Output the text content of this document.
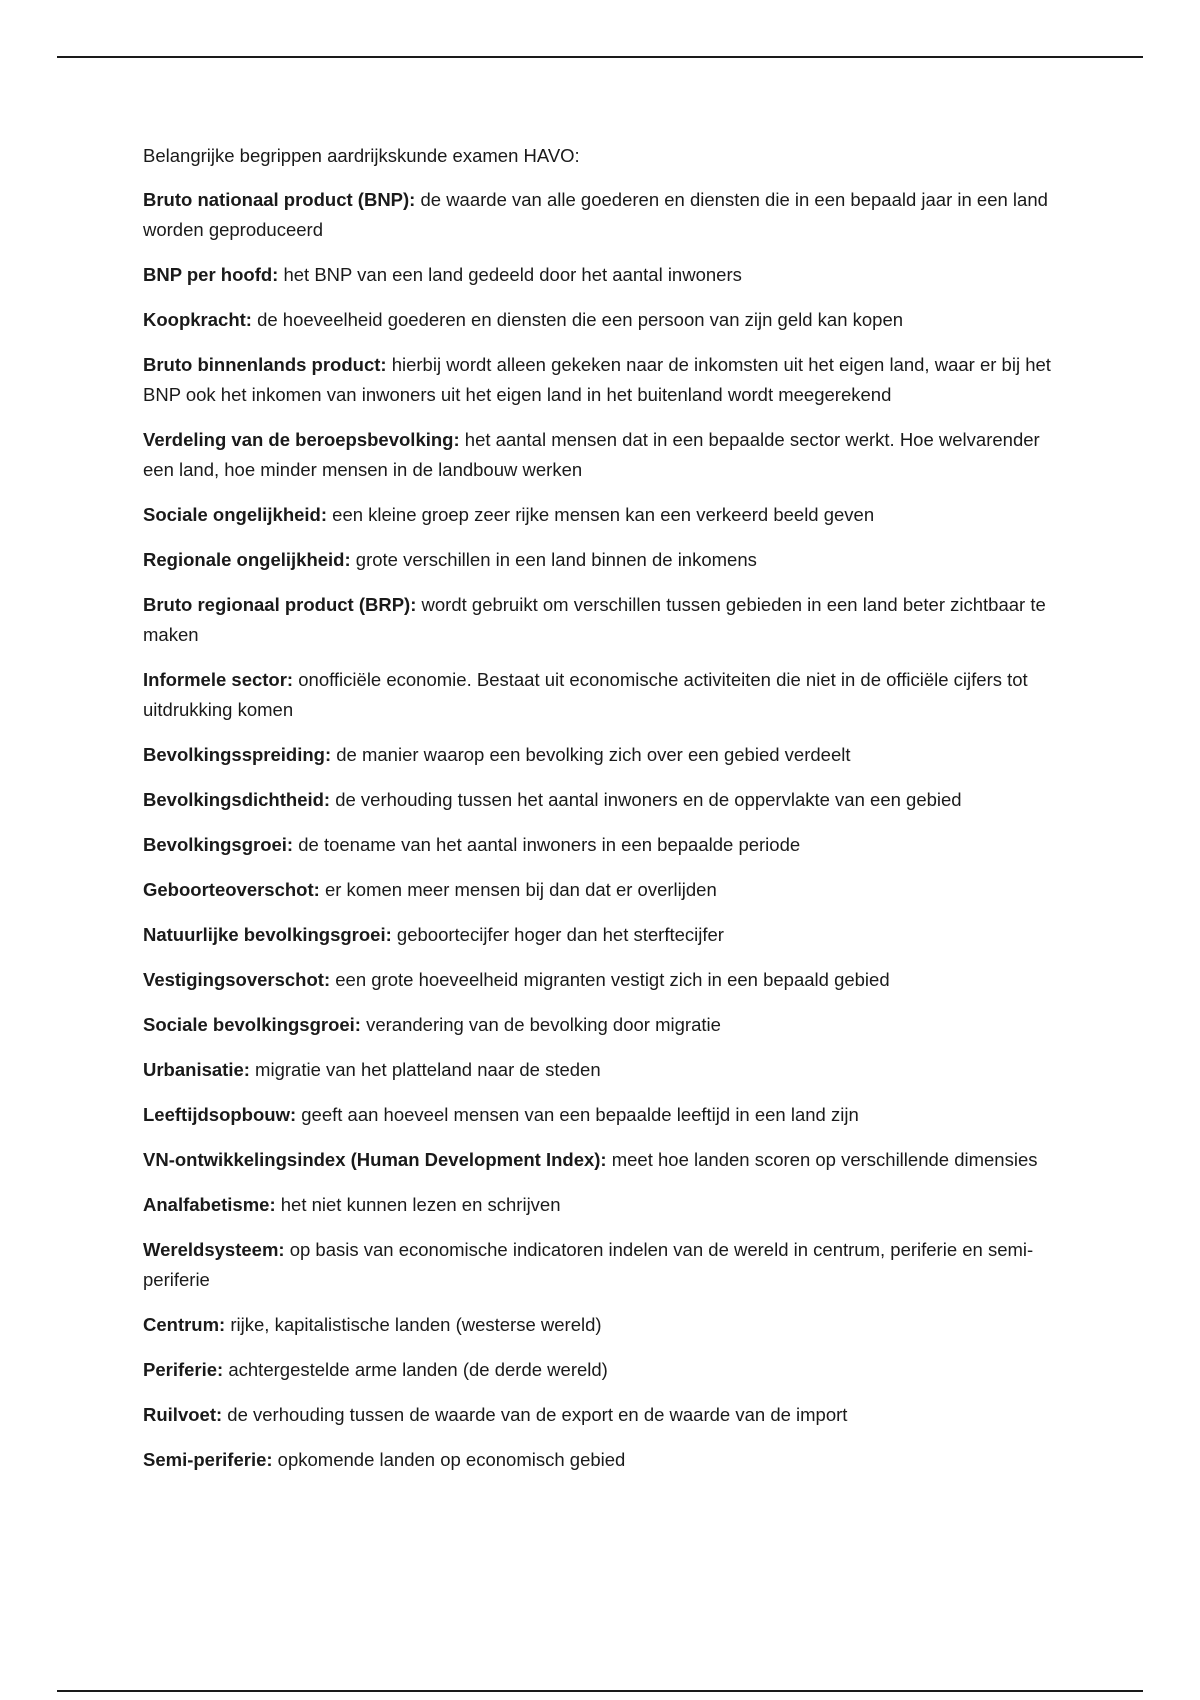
Belangrijke begrippen aardrijkskunde examen HAVO:

Bruto nationaal product (BNP): de waarde van alle goederen en diensten die in een bepaald jaar in een land worden geproduceerd

BNP per hoofd: het BNP van een land gedeeld door het aantal inwoners

Koopkracht: de hoeveelheid goederen en diensten die een persoon van zijn geld kan kopen

Bruto binnenlands product: hierbij wordt alleen gekeken naar de inkomsten uit het eigen land, waar er bij het BNP ook het inkomen van inwoners uit het eigen land in het buitenland wordt meegerekend

Verdeling van de beroepsbevolking: het aantal mensen dat in een bepaalde sector werkt. Hoe welvarender een land, hoe minder mensen in de landbouw werken

Sociale ongelijkheid: een kleine groep zeer rijke mensen kan een verkeerd beeld geven

Regionale ongelijkheid: grote verschillen in een land binnen de inkomens

Bruto regionaal product (BRP): wordt gebruikt om verschillen tussen gebieden in een land beter zichtbaar te maken

Informele sector: onofficiële economie. Bestaat uit economische activiteiten die niet in de officiële cijfers tot uitdrukking komen

Bevolkingsspreiding: de manier waarop een bevolking zich over een gebied verdeelt

Bevolkingsdichtheid: de verhouding tussen het aantal inwoners en de oppervlakte van een gebied

Bevolkingsgroei: de toename van het aantal inwoners in een bepaalde periode

Geboorteoverschot: er komen meer mensen bij dan dat er overlijden

Natuurlijke bevolkingsgroei: geboortecijfer hoger dan het sterftecijfer

Vestigingsoverschot: een grote hoeveelheid migranten vestigt zich in een bepaald gebied

Sociale bevolkingsgroei: verandering van de bevolking door migratie

Urbanisatie: migratie van het platteland naar de steden

Leeftijdsopbouw: geeft aan hoeveel mensen van een bepaalde leeftijd in een land zijn

VN-ontwikkelingsindex (Human Development Index): meet hoe landen scoren op verschillende dimensies

Analfabetisme: het niet kunnen lezen en schrijven

Wereldsysteem: op basis van economische indicatoren indelen van de wereld in centrum, periferie en semi-periferie

Centrum: rijke, kapitalistische landen (westerse wereld)

Periferie: achtergestelde arme landen (de derde wereld)

Ruilvoet: de verhouding tussen de waarde van de export en de waarde van de import

Semi-periferie: opkomende landen op economisch gebied
